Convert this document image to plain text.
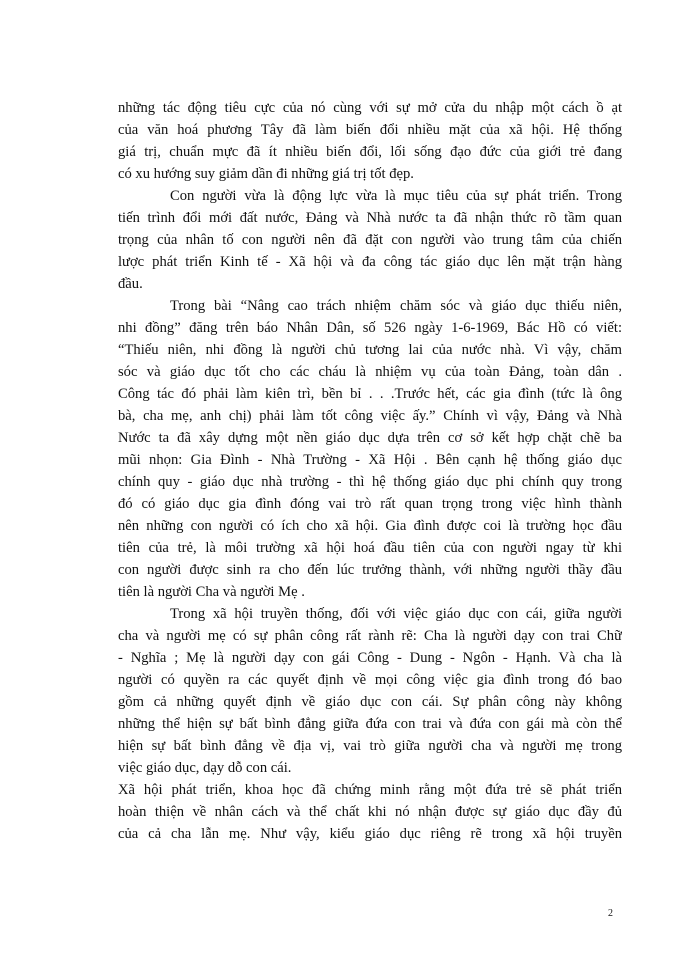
những tác động tiêu cực của nó cùng với sự mở cửa du nhập một cách ồ ạt
của văn hoá phương Tây đã làm biến đổi nhiều mặt của xã hội. Hệ thống
giá trị, chuẩn mực đã ít nhiều biến đổi, lối sống đạo đức của giới trẻ đang
có xu hướng suy giảm dần đi những giá trị tốt đẹp.
Con người vừa là động lực vừa là mục tiêu của sự phát triển. Trong
tiến trình đổi mới đất nước, Đảng và Nhà nước ta đã nhận thức rõ tầm quan
trọng của nhân tố con người nên đã đặt con người vào trung tâm của chiến
lược phát triển Kinh tế - Xã hội và đa công tác giáo dục lên mặt trận hàng
đầu.
Trong bài “Nâng cao trách nhiệm chăm sóc và giáo dục thiếu niên,
nhi đồng” đăng trên báo Nhân Dân, số 526 ngày 1-6-1969, Bác Hồ có viết:
“Thiếu niên, nhi đồng là người chủ tương lai của nước nhà. Vì vậy, chăm
sóc và giáo dục tốt cho các cháu là nhiệm vụ của toàn Đảng, toàn dân .
Công tác đó phải làm kiên trì, bền bỉ . . .Trước hết, các gia đình (tức là ông
bà, cha mẹ, anh chị) phải làm tốt công việc ấy.” Chính vì vậy, Đảng và Nhà
Nước ta đã xây dựng một nền giáo dục dựa trên cơ sở kết hợp chặt chẽ ba
mũi nhọn: Gia Đình - Nhà Trường - Xã Hội . Bên cạnh hệ thống giáo dục
chính quy - giáo dục nhà trường - thì hệ thống giáo dục phi chính quy trong
đó có giáo dục gia đình đóng vai trò rất quan trọng trong việc hình thành
nên những con người có ích cho xã hội. Gia đình được coi là trường học đầu
tiên của trẻ, là môi trường xã hội hoá đầu tiên của con người ngay từ khi
con người được sinh ra cho đến lúc trưởng thành, với những người thầy đầu
tiên là người Cha và người Mẹ .
Trong xã hội truyền thống, đối với việc giáo dục con cái, giữa người
cha và người mẹ có sự phân công rất rành rẽ: Cha là người dạy con trai Chữ
- Nghĩa ; Mẹ là người dạy con gái Công - Dung - Ngôn - Hạnh. Và cha là
người có quyền ra các quyết định về mọi công việc gia đình trong đó bao
gồm cả những quyết định về giáo dục con cái. Sự phân công này không
những thể hiện sự bất bình đẳng giữa đứa con trai và đứa con gái mà còn thể
hiện sự bất bình đẳng về địa vị, vai trò giữa người cha và người mẹ trong
việc giáo dục, dạy dỗ con cái.
Xã hội phát triển, khoa học đã chứng minh rằng một đứa trẻ sẽ phát triển
hoàn thiện về nhân cách và thể chất khi nó nhận được sự giáo dục đầy đủ
của cả cha lẫn mẹ. Như vậy, kiểu giáo dục riêng rẽ trong xã hội truyền
2
